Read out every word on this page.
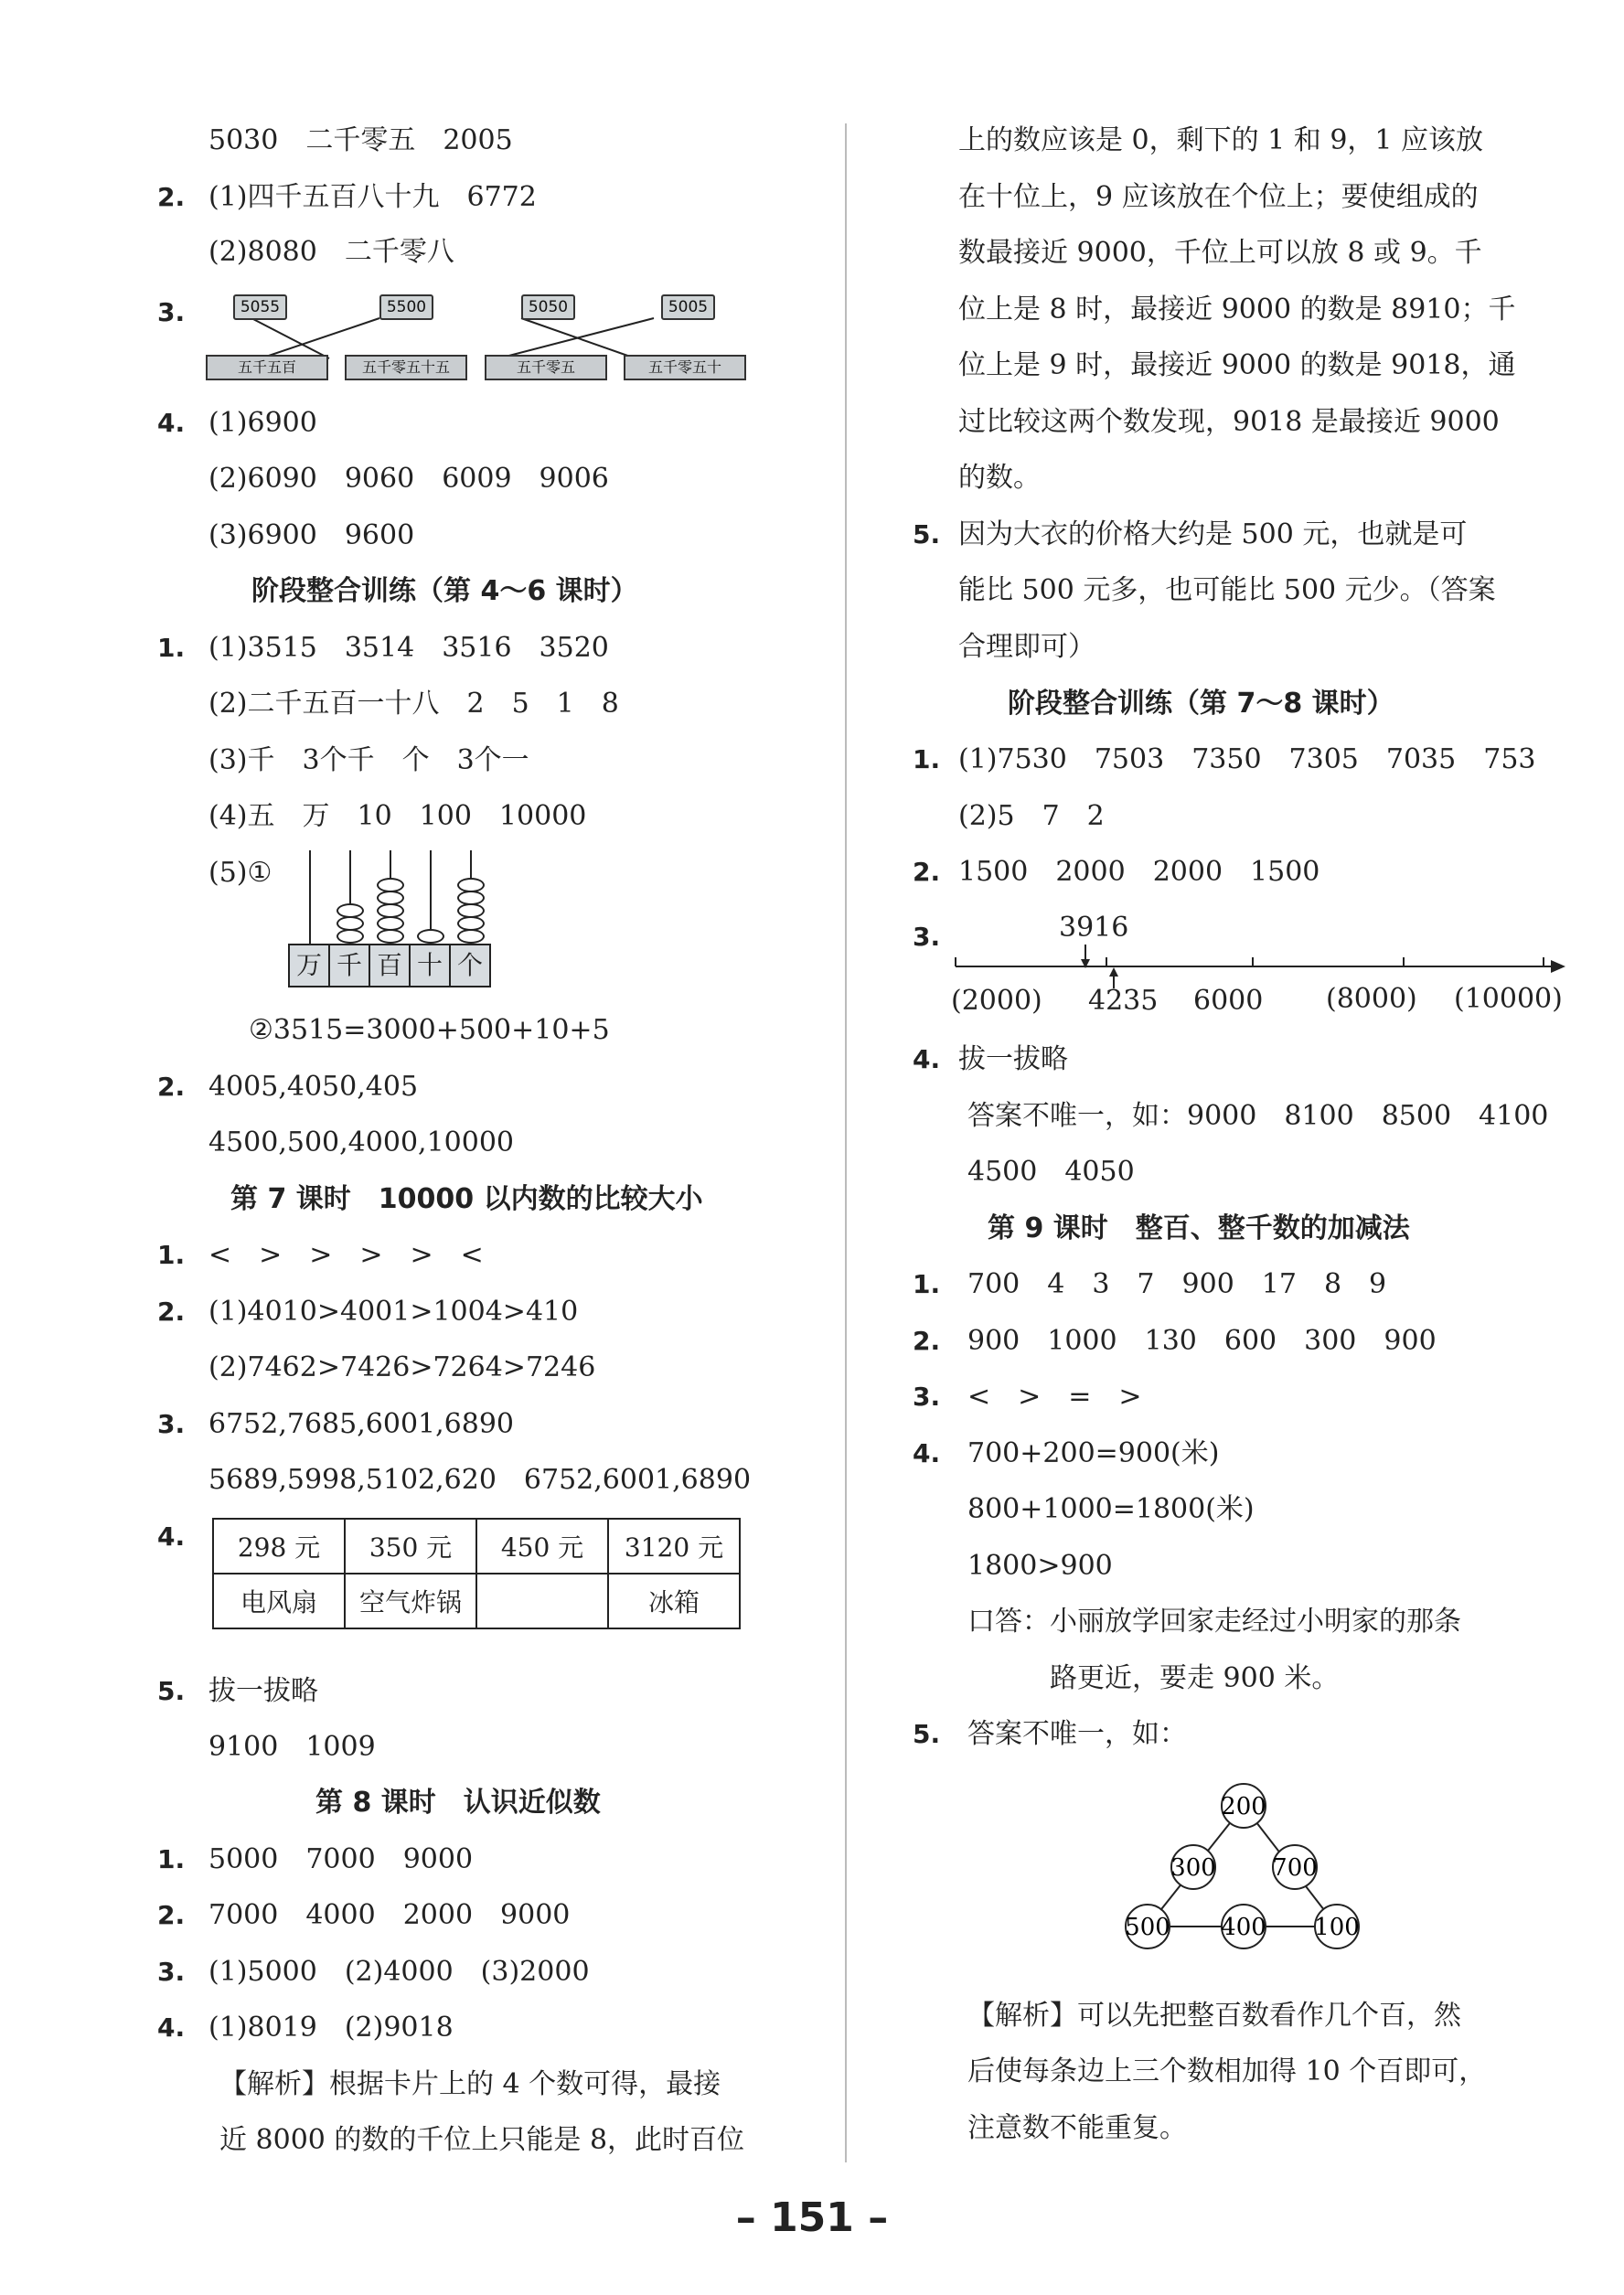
5030　二千零五　2005
2. (1)四千五百八十九　6772
(2)8080　二千零八
3.	5055	5500	5050	5005
五千五百	五千零五十五	五千零五	五千零五十
4. (1)6900
(2)6090　9060　6009　9006
(3)6900　9600
阶段整合训练（第 4～6 课时）
1. (1)3515　3514　3516　3520
(2)二千五百一十八　2　5　1　8
(3)千　3个千　个　3个一
(4)五　万　10　100　10000
(5)①
万 千 百 十 个
②3515=3000+500+10+5
2. 4005,4050,405
4500,500,4000,10000
第 7 课时　10000 以内数的比较大小
1. <　>　>　>　>　<
2. (1)4010>4001>1004>410
(2)7462>7426>7264>7246
3. 6752,7685,6001,6890
5689,5998,5102,620　6752,6001,6890
4. 298 元	350 元	450 元	3120 元
电风扇	空气炸锅		冰箱
5. 拔一拔略
9100　1009
第 8 课时　认识近似数
1. 5000　7000　9000
2. 7000　4000　2000　9000
3. (1)5000　(2)4000　(3)2000
4. (1)8019　(2)9018
【解析】根据卡片上的 4 个数可得，最接
近 8000 的数的千位上只能是 8，此时百位
上的数应该是 0，剩下的 1 和 9，1 应该放
在十位上，9 应该放在个位上；要使组成的
数最接近 9000，千位上可以放 8 或 9。千
位上是 8 时，最接近 9000 的数是 8910；千
位上是 9 时，最接近 9000 的数是 9018，通
过比较这两个数发现，9018 是最接近 9000
的数。
5. 因为大衣的价格大约是 500 元，也就是可
能比 500 元多，也可能比 500 元少。（答案
合理即可）
阶段整合训练（第 7～8 课时）
1. (1)7530　7503　7350　7305　7035　753
(2)5　7　2
2. 1500　2000　2000　1500
3.	3916
(2000) 4235 6000 (8000) (10000)
4. 拔一拔略
答案不唯一，如：9000　8100　8500　4100
4500　4050
第 9 课时　整百、整千数的加减法
1. 700　4　3　7　900　17　8　9
2. 900　1000　130　600　300　900
3. <　>　=　>
4. 700+200=900(米)
800+1000=1800(米)
1800>900
口答：小丽放学回家走经过小明家的那条
路更近，要走 900 米。
5. 答案不唯一，如：
200
300 700
500 400 100
【解析】可以先把整百数看作几个百，然
后使每条边上三个数相加得 10 个百即可，
注意数不能重复。
– 151 –
